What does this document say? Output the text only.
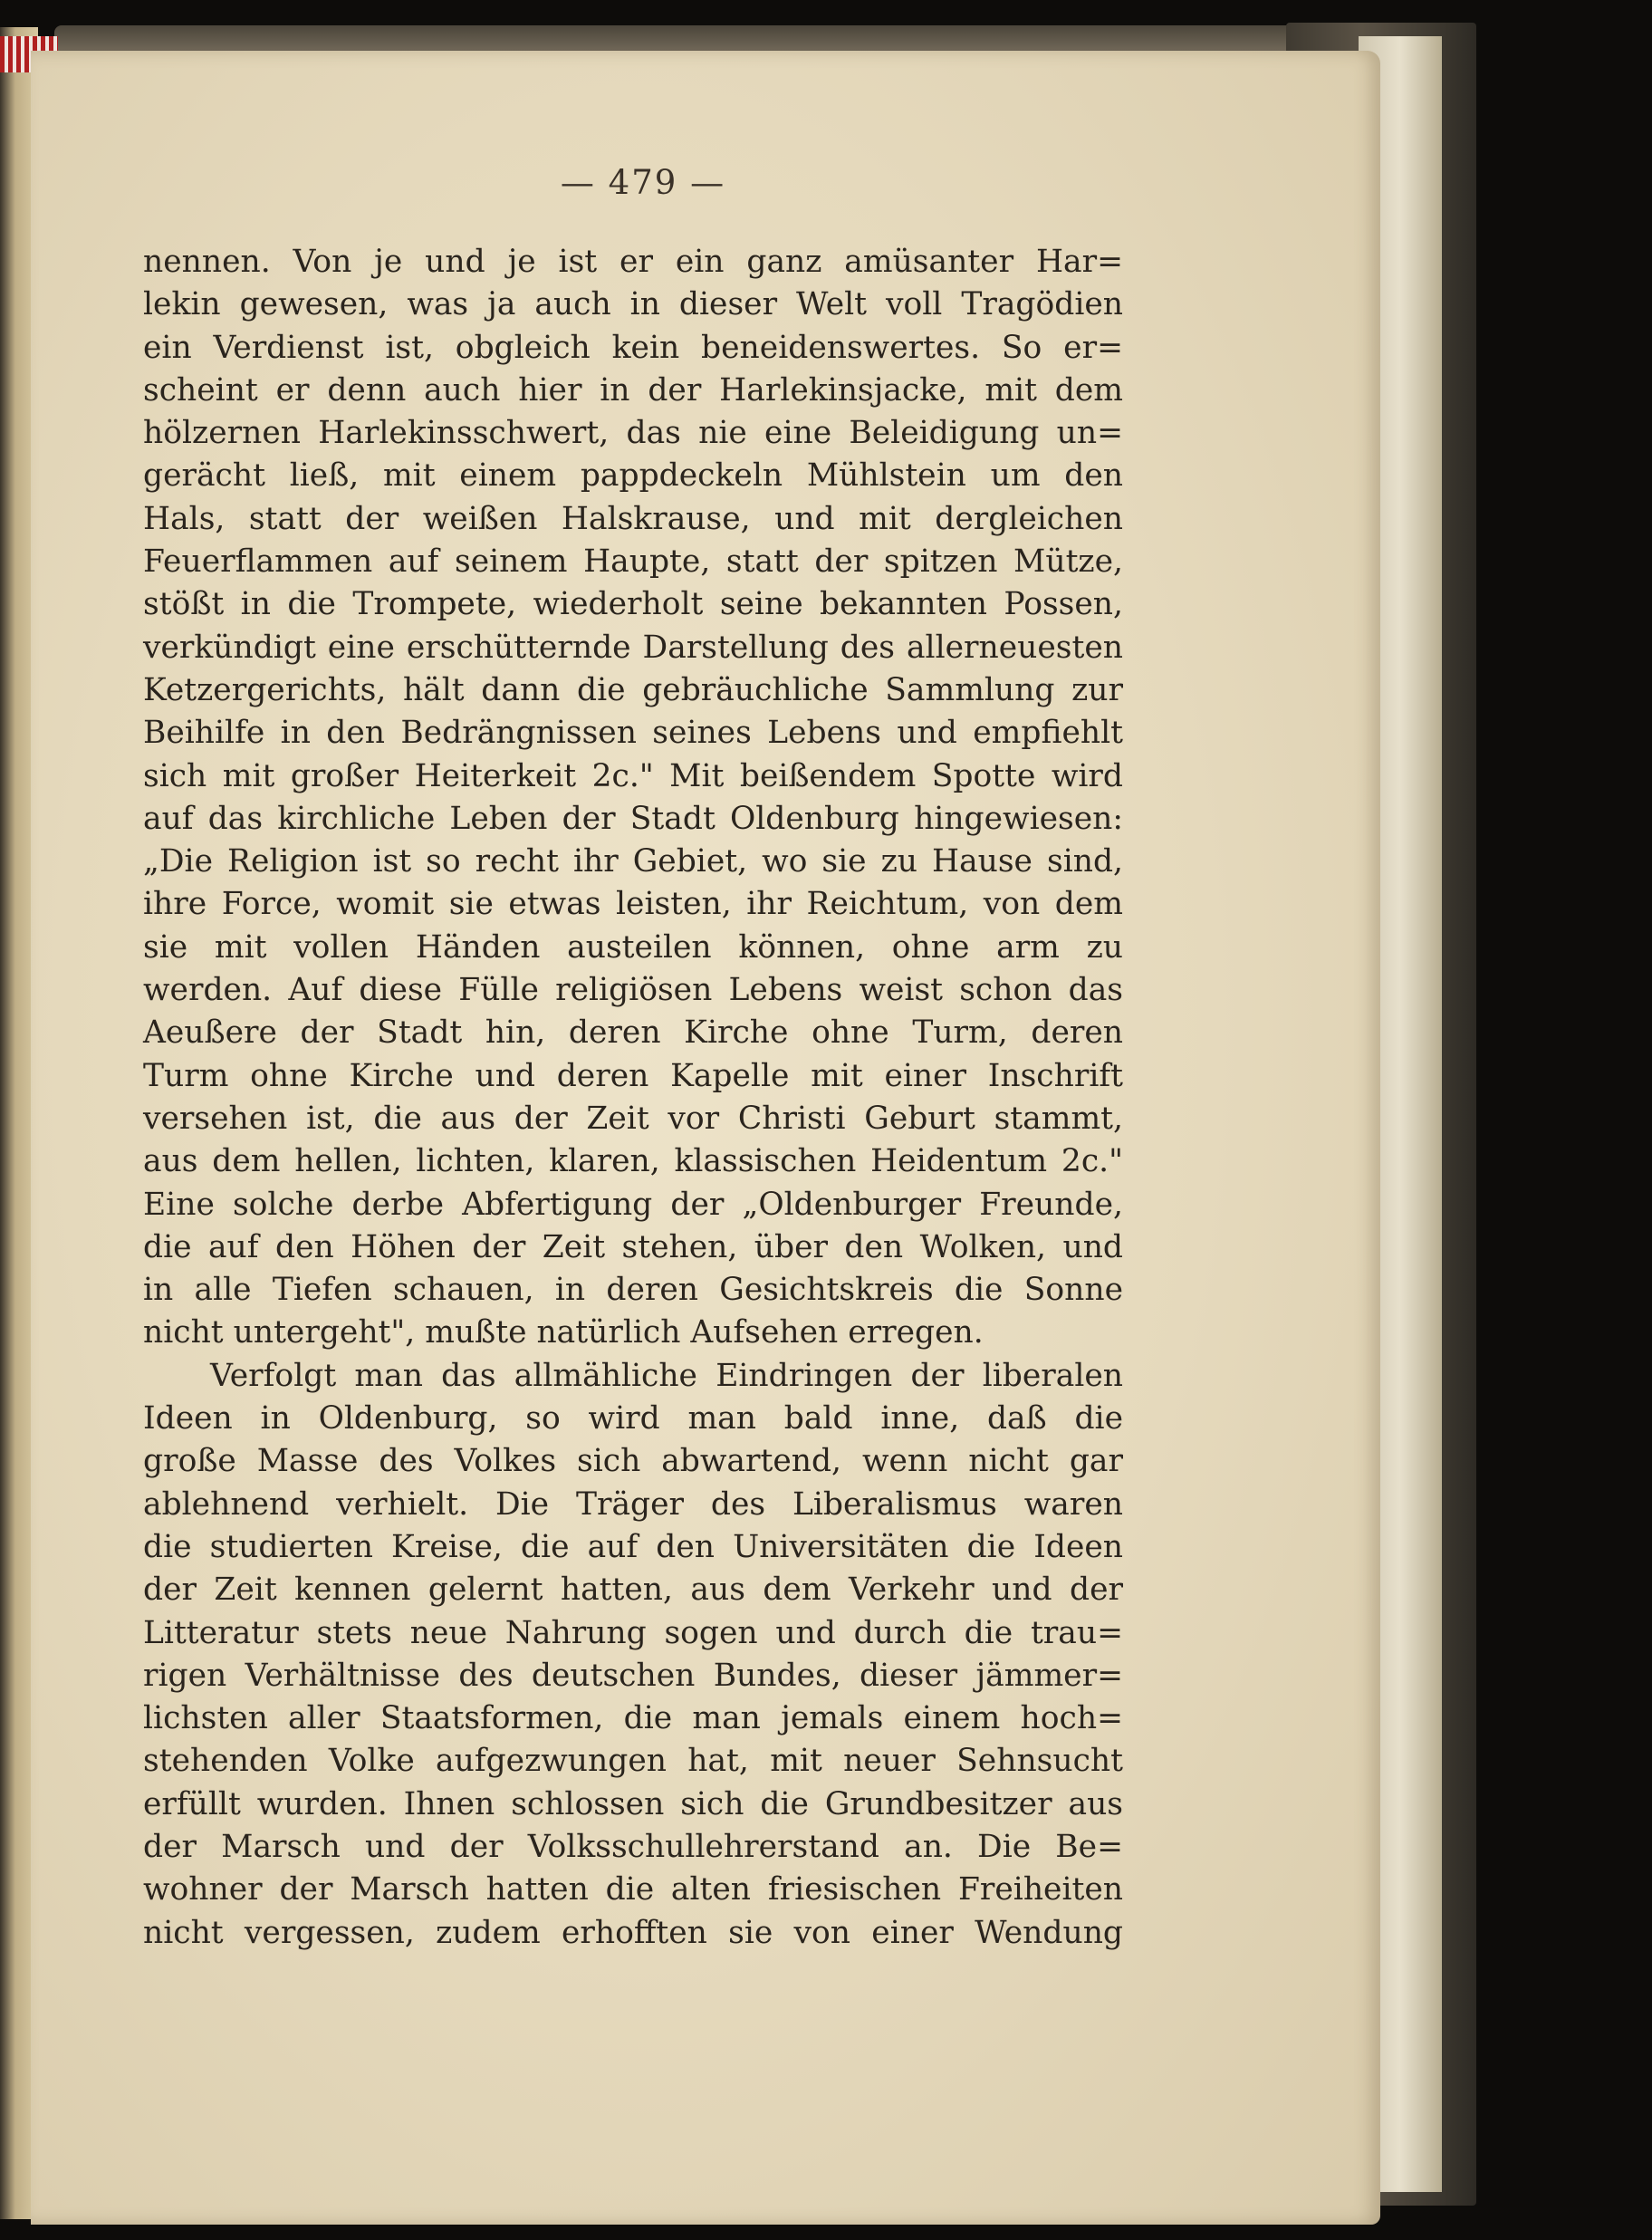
— 479 —
nennen. Von je und je ist er ein ganz amüsanter Har=
lekin gewesen, was ja auch in dieser Welt voll Tragödien
ein Verdienst ist, obgleich kein beneidenswertes. So er=
scheint er denn auch hier in der Harlekinsjacke, mit dem
hölzernen Harlekinsschwert, das nie eine Beleidigung un=
gerächt ließ, mit einem pappdeckeln Mühlstein um den
Hals, statt der weißen Halskrause, und mit dergleichen
Feuerflammen auf seinem Haupte, statt der spitzen Mütze,
stößt in die Trompete, wiederholt seine bekannten Possen,
verkündigt eine erschütternde Darstellung des allerneuesten
Ketzergerichts, hält dann die gebräuchliche Sammlung zur
Beihilfe in den Bedrängnissen seines Lebens und empfiehlt
sich mit großer Heiterkeit 2c." Mit beißendem Spotte wird
auf das kirchliche Leben der Stadt Oldenburg hingewiesen:
„Die Religion ist so recht ihr Gebiet, wo sie zu Hause sind,
ihre Force, womit sie etwas leisten, ihr Reichtum, von dem
sie mit vollen Händen austeilen können, ohne arm zu
werden. Auf diese Fülle religiösen Lebens weist schon das
Aeußere der Stadt hin, deren Kirche ohne Turm, deren
Turm ohne Kirche und deren Kapelle mit einer Inschrift
versehen ist, die aus der Zeit vor Christi Geburt stammt,
aus dem hellen, lichten, klaren, klassischen Heidentum 2c."
Eine solche derbe Abfertigung der „Oldenburger Freunde,
die auf den Höhen der Zeit stehen, über den Wolken, und
in alle Tiefen schauen, in deren Gesichtskreis die Sonne
nicht untergeht", mußte natürlich Aufsehen erregen.
Verfolgt man das allmähliche Eindringen der liberalen
Ideen in Oldenburg, so wird man bald inne, daß die
große Masse des Volkes sich abwartend, wenn nicht gar
ablehnend verhielt. Die Träger des Liberalismus waren
die studierten Kreise, die auf den Universitäten die Ideen
der Zeit kennen gelernt hatten, aus dem Verkehr und der
Litteratur stets neue Nahrung sogen und durch die trau=
rigen Verhältnisse des deutschen Bundes, dieser jämmer=
lichsten aller Staatsformen, die man jemals einem hoch=
stehenden Volke aufgezwungen hat, mit neuer Sehnsucht
erfüllt wurden. Ihnen schlossen sich die Grundbesitzer aus
der Marsch und der Volksschullehrerstand an. Die Be=
wohner der Marsch hatten die alten friesischen Freiheiten
nicht vergessen, zudem erhofften sie von einer Wendung
